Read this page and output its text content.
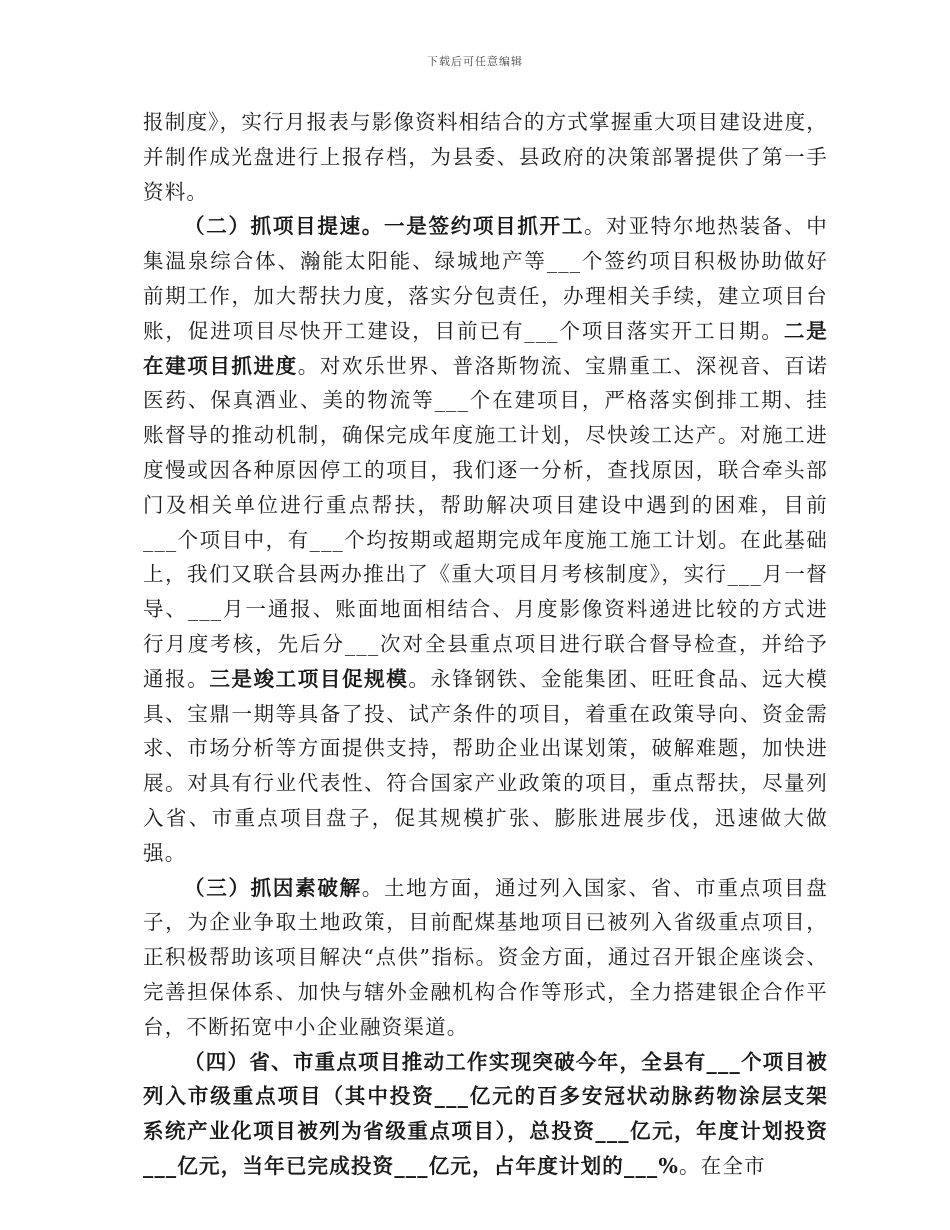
下载后可任意编辑

报制度》，实行月报表与影像资料相结合的方式掌握重大项目建设进度，并制作成光盘进行上报存档，为县委、县政府的决策部署提供了第一手资料。

（二）抓项目提速。一是签约项目抓开工。对亚特尔地热装备、中集温泉综合体、瀚能太阳能、绿城地产等___个签约项目积极协助做好前期工作，加大帮扶力度，落实分包责任，办理相关手续，建立项目台账，促进项目尽快开工建设，目前已有___个项目落实开工日期。二是在建项目抓进度。对欢乐世界、普洛斯物流、宝鼎重工、深视音、百诺医药、保真酒业、美的物流等___个在建项目，严格落实倒排工期、挂账督导的推动机制，确保完成年度施工计划，尽快竣工达产。对施工进度慢或因各种原因停工的项目，我们逐一分析，查找原因，联合牵头部门及相关单位进行重点帮扶，帮助解决项目建设中遇到的困难，目前___个项目中，有___个均按期或超期完成年度施工施工计划。在此基础上，我们又联合县两办推出了《重大项目月考核制度》，实行___月一督导、___月一通报、账面地面相结合、月度影像资料递进比较的方式进行月度考核，先后分___次对全县重点项目进行联合督导检查，并给予通报。三是竣工项目促规模。永锋钢铁、金能集团、旺旺食品、远大模具、宝鼎一期等具备了投、试产条件的项目，着重在政策导向、资金需求、市场分析等方面提供支持，帮助企业出谋划策，破解难题，加快进展。对具有行业代表性、符合国家产业政策的项目，重点帮扶，尽量列入省、市重点项目盘子，促其规模扩张、膨胀进展步伐，迅速做大做强。

（三）抓因素破解。土地方面，通过列入国家、省、市重点项目盘子，为企业争取土地政策，目前配煤基地项目已被列入省级重点项目，正积极帮助该项目解决“点供”指标。资金方面，通过召开银企座谈会、完善担保体系、加快与辖外金融机构合作等形式，全力搭建银企合作平台，不断拓宽中小企业融资渠道。

（四）省、市重点项目推动工作实现突破今年，全县有___个项目被列入市级重点项目（其中投资___亿元的百多安冠状动脉药物涂层支架系统产业化项目被列为省级重点项目），总投资___亿元，年度计划投资___亿元，当年已完成投资___亿元，占年度计划的___%。在全市
